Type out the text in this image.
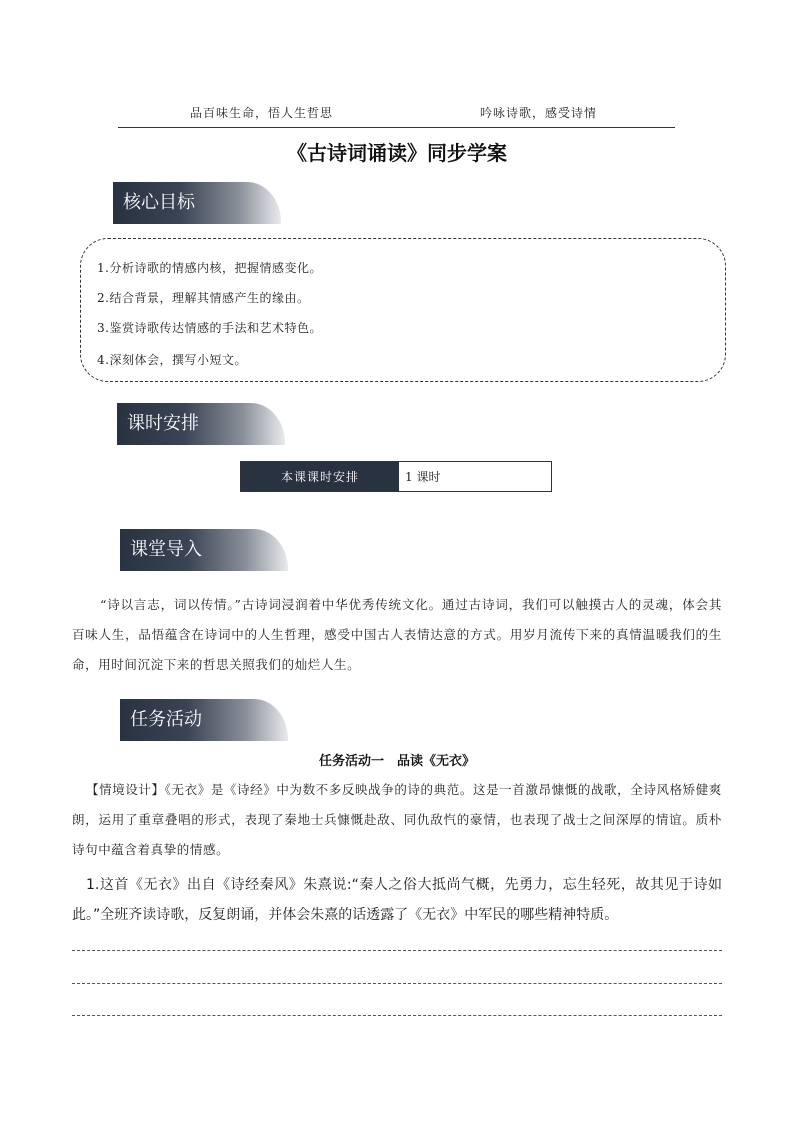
品百味生命，悟人生哲思	吟咏诗歌，感受诗情
《古诗词诵读》同步学案
核心目标
1.分析诗歌的情感内核，把握情感变化。
2.结合背景，理解其情感产生的缘由。
3.鉴赏诗歌传达情感的手法和艺术特色。
4.深刻体会，撰写小短文。
课时安排
本课课时安排	1 课时
课堂导入
“诗以言志，词以传情。”古诗词浸润着中华优秀传统文化。通过古诗词，我们可以触摸古人的灵魂，体会其百味人生，品悟蕴含在诗词中的人生哲理，感受中国古人表情达意的方式。用岁月流传下来的真情温暖我们的生命，用时间沉淀下来的哲思关照我们的灿烂人生。
任务活动
任务活动一　品读《无衣》
【情境设计】《无衣》是《诗经》中为数不多反映战争的诗的典范。这是一首激昂慷慨的战歌，全诗风格矫健爽朗，运用了重章叠唱的形式，表现了秦地士兵慷慨赴敌、同仇敌忾的豪情，也表现了战士之间深厚的情谊。质朴诗句中蕴含着真挚的情感。
1.这首《无衣》出自《诗经秦风》朱熹说:“秦人之俗大抵尚气概，先勇力，忘生轻死，故其见于诗如此。”全班齐读诗歌，反复朗诵，并体会朱熹的话透露了《无衣》中军民的哪些精神特质。
